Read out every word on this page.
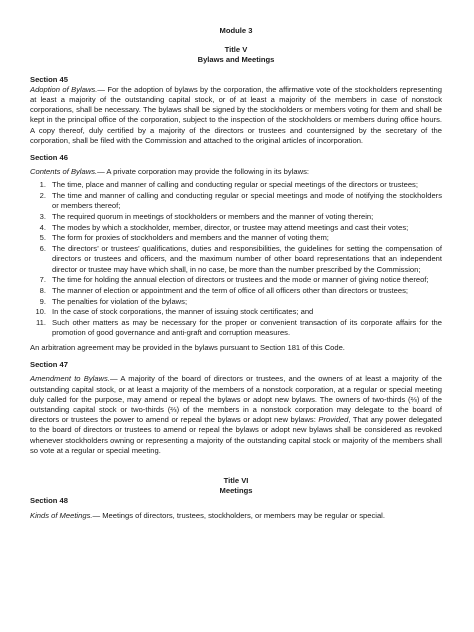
Module 3
Title V
Bylaws and Meetings
Section 45

Adoption of Bylaws.— For the adoption of bylaws by the corporation, the affirmative vote of the stockholders representing at least a majority of the outstanding capital stock, or of at least a majority of the members in case of nonstock corporations, shall be necessary. The bylaws shall be signed by the stockholders or members voting for them and shall be kept in the principal office of the corporation, subject to the inspection of the stockholders or members during office hours. A copy thereof, duly certified by a majority of the directors or trustees and countersigned by the secretary of the corporation, shall be filed with the Commission and attached to the original articles of incorporation.

Section 46

Contents of Bylaws.— A private corporation may provide the following in its bylaws:

1. The time, place and manner of calling and conducting regular or special meetings of the directors or trustees;
2. The time and manner of calling and conducting regular or special meetings and mode of notifying the stockholders or members thereof;
3. The required quorum in meetings of stockholders or members and the manner of voting therein;
4. The modes by which a stockholder, member, director, or trustee may attend meetings and cast their votes;
5. The form for proxies of stockholders and members and the manner of voting them;
6. The directors’ or trustees’ qualifications, duties and responsibilities, the guidelines for setting the compensation of directors or trustees and officers, and the maximum number of other board representations that an independent director or trustee may have which shall, in no case, be more than the number prescribed by the Commission;
7. The time for holding the annual election of directors or trustees and the mode or manner of giving notice thereof;
8. The manner of election or appointment and the term of office of all officers other than directors or trustees;
9. The penalties for violation of the bylaws;
10. In the case of stock corporations, the manner of issuing stock certificates; and
11. Such other matters as may be necessary for the proper or convenient transaction of its corporate affairs for the promotion of good governance and anti-graft and corruption measures.

An arbitration agreement may be provided in the bylaws pursuant to Section 181 of this Code.

Section 47

Amendment to Bylaws.— A majority of the board of directors or trustees, and the owners of at least a majority of the outstanding capital stock, or at least a majority of the members of a nonstock corporation, at a regular or special meeting duly called for the purpose, may amend or repeal the bylaws or adopt new bylaws. The owners of two-thirds (⅔) of the outstanding capital stock or two-thirds (⅔) of the members in a nonstock corporation may delegate to the board of directors or trustees the power to amend or repeal the bylaws or adopt new bylaws: Provided, That any power delegated to the board of directors or trustees to amend or repeal the bylaws or adopt new bylaws shall be considered as revoked whenever stockholders owning or representing a majority of the outstanding capital stock or majority of the members shall so vote at a regular or special meeting.

Title VI
Meetings
Section 48

Kinds of Meetings.— Meetings of directors, trustees, stockholders, or members may be regular or special.
